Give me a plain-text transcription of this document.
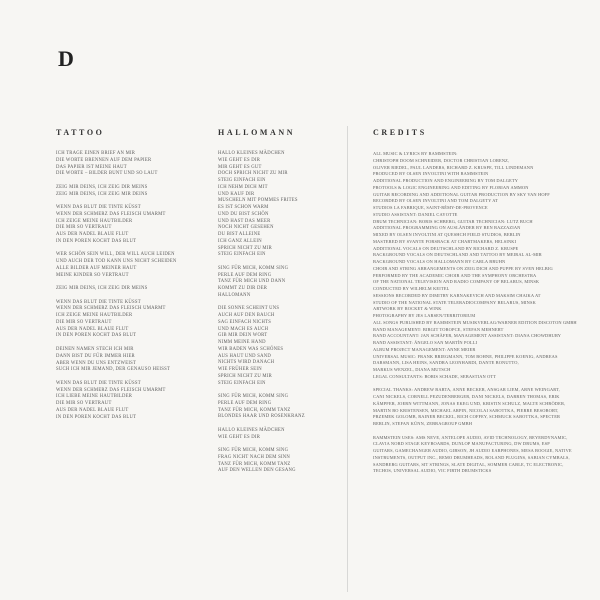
D
TATTOO
ICH TRAGE EINEN BRIEF AN MIR
DIE WORTE BRENNEN AUF DEM PAPIER
DAS PAPIER IST MEINE HAUT
DIE WORTE – BILDER BUNT UND SO LAUT
ZEIG MIR DEINS, ICH ZEIG DIR MEINS
ZEIG MIR DEINS, ICH ZEIG MIR DEINS
WENN DAS BLUT DIE TINTE KÜSST
WENN DER SCHMERZ DAS FLEISCH UMARMT
ICH ZEIGE MEINE HAUTBILDER
DIE MIR SO VERTRAUT
AUS DER NADEL BLAUE FLUT
IN DEN POREN KOCHT DAS BLUT
WER SCHÖN SEIN WILL, DER WILL AUCH LEIDEN
UND AUCH DER TOD KANN UNS NICHT SCHEIDEN
ALLE BILDER AUF MEINER HAUT
MEINE KINDER SO VERTRAUT
ZEIG MIR DEINS, ICH ZEIG DIR MEINS
WENN DAS BLUT DIE TINTE KÜSST
WENN DER SCHMERZ DAS FLEISCH UMARMT
ICH ZEIGE MEINE HAUTBILDER
DIE MIR SO VERTRAUT
AUS DER NADEL BLAUE FLUT
IN DEN POREN KOCHT DAS BLUT
DEINEN NAMEN STECH ICH MIR
DANN BIST DU FÜR IMMER HIER
ABER WENN DU UNS ENTZWEIST
SUCH ICH MIR JEMAND, DER GENAUSO HEISST
WENN DAS BLUT DIE TINTE KÜSST
WENN DER SCHMERZ DAS FLEISCH UMARMT
ICH LIEBE MEINE HAUTBILDER
DIE MIR SO VERTRAUT
AUS DER NADEL BLAUE FLUT
IN DEN POREN KOCHT DAS BLUT
HALLOMANN
HALLO KLEINES MÄDCHEN
WIE GEHT ES DIR
MIR GEHT ES GUT
DOCH SPRICH NICHT ZU MIR
STEIG EINFACH EIN
ICH NEHM DICH MIT
UND KAUF DIR
MUSCHELN MIT POMMES FRITES
ES IST SCHON WARM
UND DU BIST SCHÖN
UND HAST DAS MEER
NOCH NICHT GESEHEN
DU BIST ALLEINE
ICH GANZ ALLEIN
SPRICH NICHT ZU MIR
STEIG EINFACH EIN
SING FÜR MICH, KOMM SING
PERLE AUF DEM RING
TANZ FÜR MICH UND DANN
KOMMT ZU DIR DER
HALLOMANN
DIE SONNE SCHEINT UNS
AUCH AUF DEN BAUCH
SAG EINFACH NICHTS
UND MACH ES AUCH
GIB MIR DEIN WORT
NIMM MEINE HAND
WIR BADEN WAS SCHÖNES
AUS HAUT UND SAND
NICHTS WIRD DANACH
WIE FRÜHER SEIN
SPRICH NICHT ZU MIR
STEIG EINFACH EIN
SING FÜR MICH, KOMM SING
PERLE AUF DEM RING
TANZ FÜR MICH, KOMM TANZ
BLONDES HAAR UND ROSENKRANZ
HALLO KLEINES MÄDCHEN
WIE GEHT ES DIR
SING FÜR MICH, KOMM SING
FRAG NICHT NACH DEM SINN
TANZ FÜR MICH, KOMM TANZ
AUF DEN WELLEN DEN GESANG
CREDITS
ALL MUSIC & LYRICS BY RAMMSTEIN:
CHRISTOPH DOOM SCHNEIDER, DOCTOR CHRISTIAN LORENZ,
OLIVER RIEDEL, PAUL LANDERS, RICHARD Z. KRUSPE, TILL LINDEMANN
PRODUCED BY OLSEN INVOLTINI WITH RAMMSTEIN
ADDITIONAL PRODUCTION AND ENGINEERING BY TOM DALGETY
PROTOOLS & LOGIC ENGINEERING AND EDITING BY FLORIAN AMMON
GUITAR RECORDING AND ADDITIONAL GUITAR PRODUCTION BY SKY VAN HOFF
RECORDED BY OLSEN INVOLTINI AND TOM DALGETY AT
STUDIOS LA FABRIQUE, SAINT-RÉMY-DE-PROVENCE
STUDIO ASSISTANT: DANIEL CAYOTTE
DRUM TECHNICIAN: BORIS SCHBERG, GUITAR TECHNICIAN: LUTZ BUCH
ADDITIONAL PROGRAMMING ON AUSLÄNDER BY BEN BAZZAZIAN
MIXED BY OLSEN INVOLTINI AT QUESHCH FIELD STUDIOS, BERLIN
MASTERED BY SVANTE FORSBACK AT CHARTMAKERS, HELSINKI
ADDITIONAL VOCALS ON DEUTSCHLAND BY RICHARD Z. KRUSPE
BACKGROUND VOCALS ON DEUTSCHLAND AND TATTOO BY MEIRAL AL-MIR
BACKGROUND VOCALS ON HALLOMANN BY CARLA BRUHN
CHOIR AND STRING ARRANGEMENTS ON ZEIG DICH AND PUPPE BY SVEN HELBIG
PERFORMED BY THE ACADEMIC CHOIR AND THE SYMPHONY ORCHESTRA
OF THE NATIONAL TELEVISION AND RADIO COMPANY OF BELARUS, MINSK
CONDUCTED BY WILHELM KEITEL
SESSIONS RECORDED BY DIMITRY KARNAKEVICH AND MAKSIM CHAIKA AT
STUDIO OF THE NATIONAL STATE TELERADIOCOMPANY BELARUS, MINSK
ARTWORK BY ROCKET & WINK
PHOTOGRAPHY BY JES LARSEN/TERRITORIUM
ALL SONGS PUBLISHED BY RAMMSTEIN MUSIKVERLAG/WARNER EDITION DISCOTON GMBH
BAND MANAGEMENT: BIRGIT TOROPCE, STEFAN MEHNERT
BAND ACCOUNTANT: JAN SCHÄFER, MANAGEMENT ASSISTANT: DIANA CHOWDHURY
BAND ASSISTANT: ÁNGELO SAN MARTÍN POLLI
ALBUM PROJECT MANAGEMENT: ANNE MEIER
UNIVERSAL MUSIC: FRANK BRIEGMANN, TOM BOHNE, PHILIPPE KOENIG, ANDREAS
DARSMANN, LISA HEINS, SANDRA LEONHARDI, DANTE BONUTTO,
MARKUS WENZEL, DIANA MUTSCH
LEGAL CONSULTANTS: BORIS SCHADE, SEBASTIAN OTT
SPECIAL THANKS: ANDREW BARTA, ANNE BECKER, ANSGAR LIEM, ARNE WEINGART,
CANI NICKELS, CORNELL PEZUDENBERGER, DANI NICKELS, DARREN THOMAS, ERIK
KÄMPFER, JOERN WITTMANN, JONAS EKEG UND, KRISTIN SCHULZ, MALTE SCHRÖDER,
MARTIN BO KRISTENSEN, MICHAEL ARPIN, NICOLAI SABOTTKA, PIERRE BESOBORT,
PRZEMEK GOLOMB, RAINER BECKEL, RICH COFFEY, SCHMUCK SABOTTKA, SPECTER
BERLIN, STEFAN KÜNN, ZEBRAGROUP GMBH
RAMMSTEIN USES: AMS NEVE, ANTELOPE AUDIO, AVID TECHNOLOGY, BEYERDYNAMIC,
CLAVIA NORD STAGE KEYBOARDS, DUNLOP MANUFACTURING, DW DRUMS, ESP
GUITARS, GAMECHANGER AUDIO, GIBSON, JH AUDIO EARPHONES, MESA BOOGIE, NATIVE
INSTRUMENTS, OUTPUT INC., REMO DRUMHEADS, ROLAND PLUGINS, SABIAN CYMBALS,
SANDBERG GUITARS, SIT STRINGS, SLATE DIGITAL, SOMMER CABLE, TC ELECTRONIC,
TECHOS, UNIVERSAL AUDIO, VIC FIRTH DRUMSTICKS
